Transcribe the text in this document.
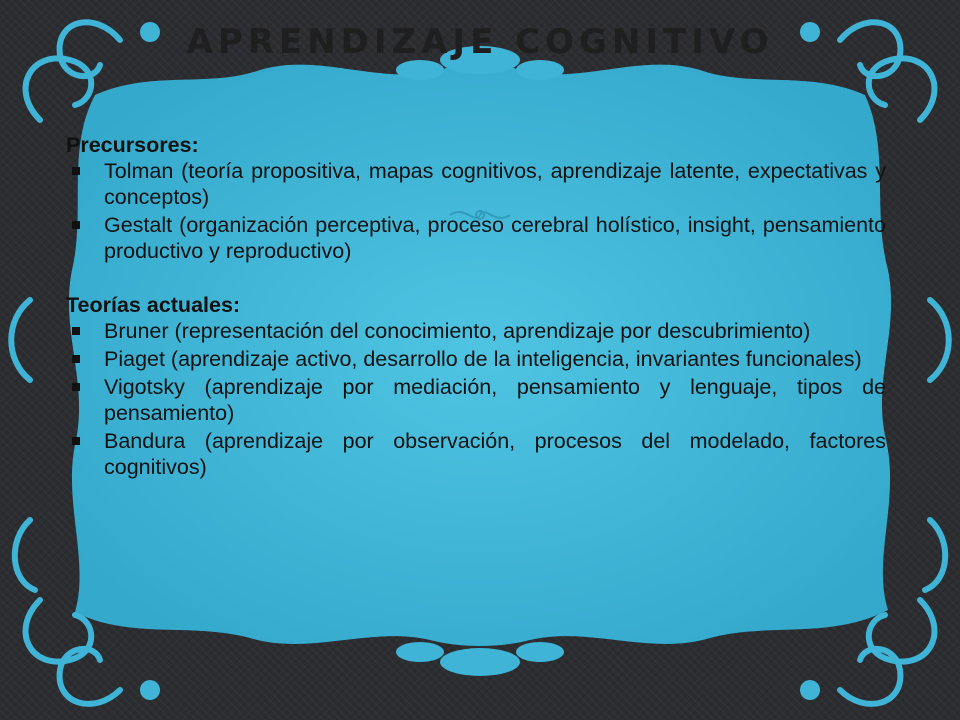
APRENDIZAJE COGNITIVO

Precursores:

Tolman (teoría propositiva, mapas cognitivos, aprendizaje latente, expectativas y conceptos)
Gestalt (organización perceptiva, proceso cerebral holístico, insight, pensamiento productivo y reproductivo)

Teorías actuales:

Bruner (representación del conocimiento, aprendizaje por descubrimiento)
Piaget (aprendizaje activo, desarrollo de la inteligencia, invariantes funcionales)
Vigotsky (aprendizaje por mediación, pensamiento y lenguaje, tipos de pensamiento)
Bandura (aprendizaje por observación, procesos del modelado, factores cognitivos)
